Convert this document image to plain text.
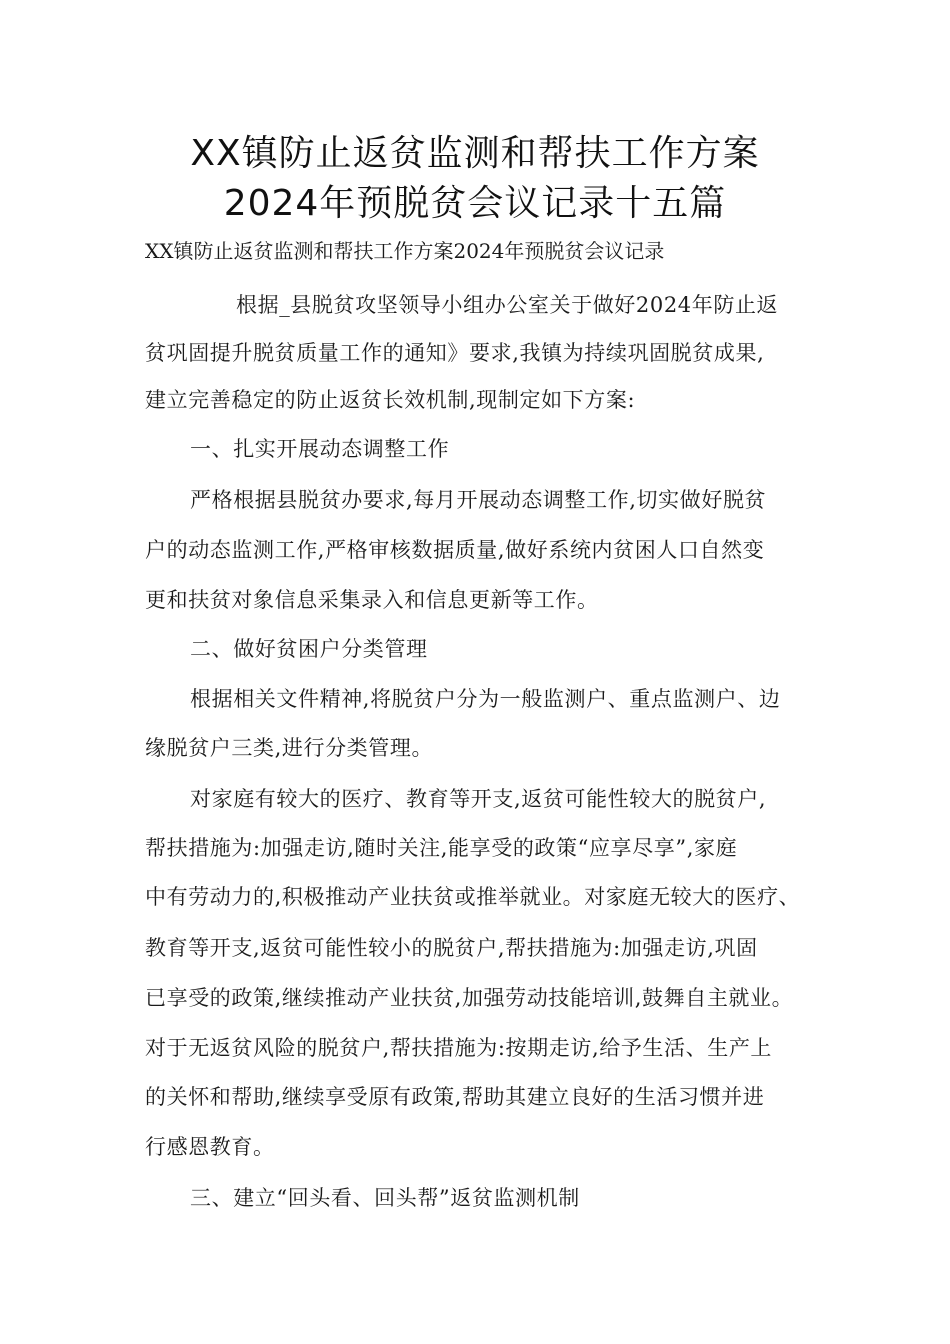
XX镇防止返贫监测和帮扶工作方案
2024年预脱贫会议记录十五篇
XX镇防止返贫监测和帮扶工作方案2024年预脱贫会议记录
根据_县脱贫攻坚领导小组办公室关于做好2024年防止返
贫巩固提升脱贫质量工作的通知》要求,我镇为持续巩固脱贫成果,
建立完善稳定的防止返贫长效机制,现制定如下方案:
一、扎实开展动态调整工作
严格根据县脱贫办要求,每月开展动态调整工作,切实做好脱贫
户的动态监测工作,严格审核数据质量,做好系统内贫困人口自然变
更和扶贫对象信息采集录入和信息更新等工作。
二、做好贫困户分类管理
根据相关文件精神,将脱贫户分为一般监测户、重点监测户、边
缘脱贫户三类,进行分类管理。
对家庭有较大的医疗、教育等开支,返贫可能性较大的脱贫户,
帮扶措施为:加强走访,随时关注,能享受的政策“应享尽享”,家庭
中有劳动力的,积极推动产业扶贫或推举就业。对家庭无较大的医疗、
教育等开支,返贫可能性较小的脱贫户,帮扶措施为:加强走访,巩固
已享受的政策,继续推动产业扶贫,加强劳动技能培训,鼓舞自主就业。
对于无返贫风险的脱贫户,帮扶措施为:按期走访,给予生活、生产上
的关怀和帮助,继续享受原有政策,帮助其建立良好的生活习惯并进
行感恩教育。
三、建立“回头看、回头帮”返贫监测机制
